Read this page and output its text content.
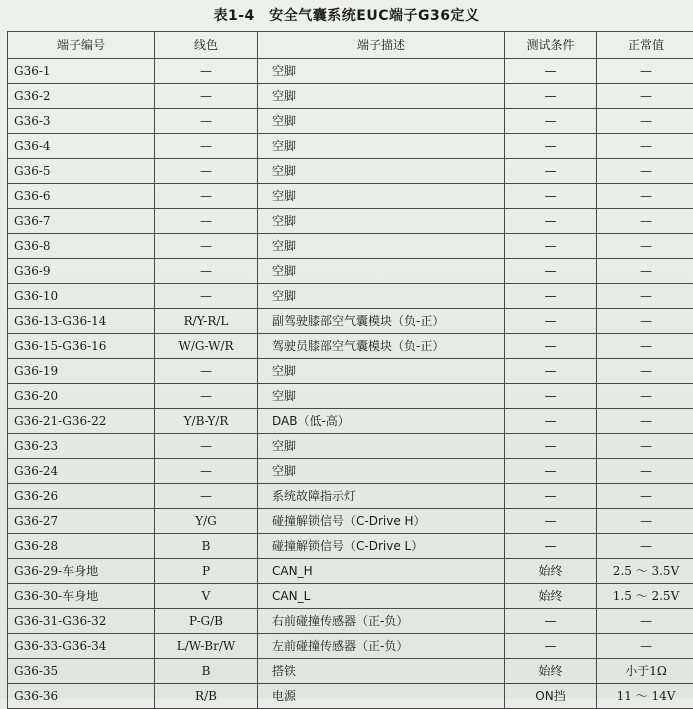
表1-4　安全气囊系统EUC端子G36定义
端子编号	线色	端子描述	测试条件	正常值
G36-1	—	空脚	—	—
G36-2	—	空脚	—	—
G36-3	—	空脚	—	—
G36-4	—	空脚	—	—
G36-5	—	空脚	—	—
G36-6	—	空脚	—	—
G36-7	—	空脚	—	—
G36-8	—	空脚	—	—
G36-9	—	空脚	—	—
G36-10	—	空脚	—	—
G36-13-G36-14	R/Y-R/L	副驾驶膝部空气囊模块（负-正）	—	—
G36-15-G36-16	W/G-W/R	驾驶员膝部空气囊模块（负-正）	—	—
G36-19	—	空脚	—	—
G36-20	—	空脚	—	—
G36-21-G36-22	Y/B-Y/R	DAB（低-高）	—	—
G36-23	—	空脚	—	—
G36-24	—	空脚	—	—
G36-26	—	系统故障指示灯	—	—
G36-27	Y/G	碰撞解锁信号（C-Drive H）	—	—
G36-28	B	碰撞解锁信号（C-Drive L）	—	—
G36-29-车身地	P	CAN_H	始终	2.5 ～ 3.5V
G36-30-车身地	V	CAN_L	始终	1.5 ～ 2.5V
G36-31-G36-32	P-G/B	右前碰撞传感器（正-负）	—	—
G36-33-G36-34	L/W-Br/W	左前碰撞传感器（正-负）	—	—
G36-35	B	搭铁	始终	小于1Ω
G36-36	R/B	电源	ON挡	11 ～ 14V
